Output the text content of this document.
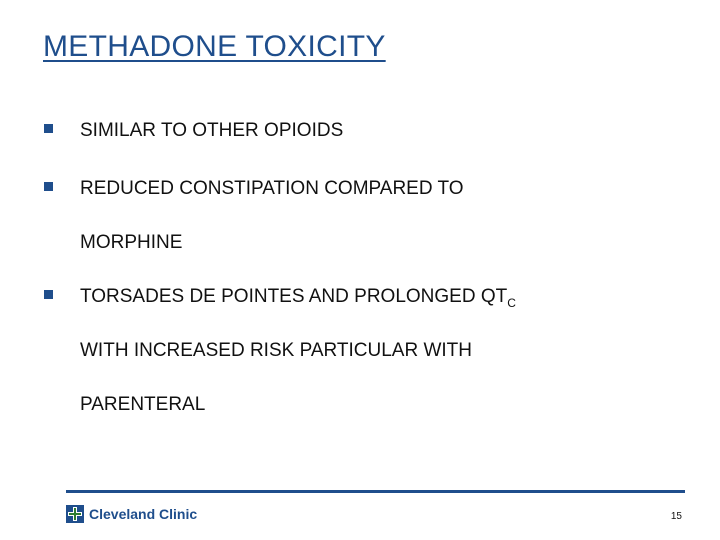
METHADONE TOXICITY
SIMILAR TO OTHER OPIOIDS
REDUCED CONSTIPATION COMPARED TO
MORPHINE
TORSADES DE POINTES AND PROLONGED $QT_C$
WITH INCREASED RISK PARTICULAR WITH
PARENTERAL
Cleveland Clinic	15
